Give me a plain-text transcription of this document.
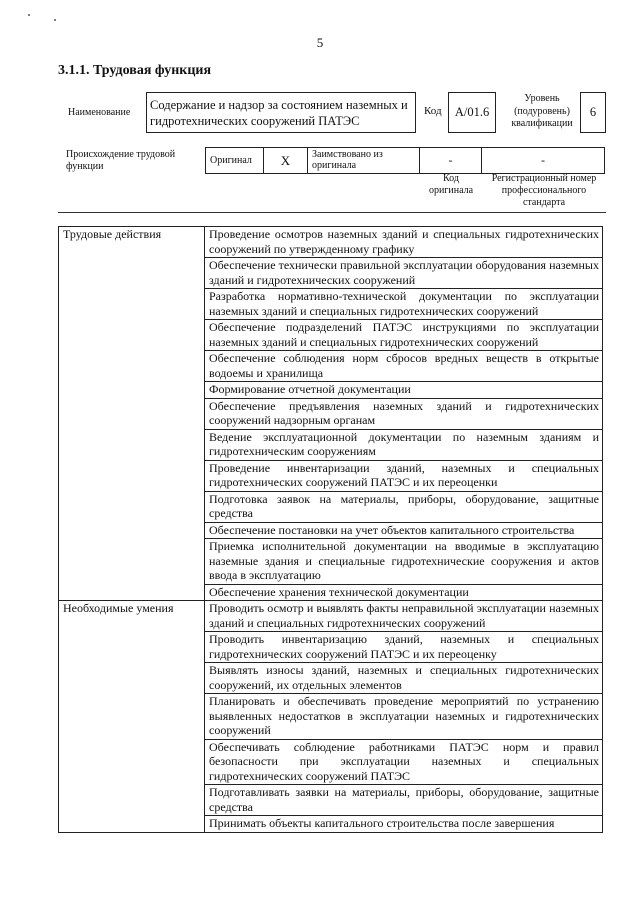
5
3.1.1. Трудовая функция
Наименование
Содержание и надзор за состоянием наземных и гидротехнических сооружений ПАТЭС
Код	А/01.6
Уровень (подуровень) квалификации
6
Происхождение трудовой функции
Оригинал	X	Заимствовано из оригинала	-	-
Код оригинала
Регистрационный номер профессионального стандарта
Трудовые действия	Проведение осмотров наземных зданий и специальных гидротехнических сооружений по утвержденному графику
	Обеспечение технически правильной эксплуатации оборудования наземных зданий и гидротехнических сооружений
	Разработка нормативно-технической документации по эксплуатации наземных зданий и специальных гидротехнических сооружений
	Обеспечение подразделений ПАТЭС инструкциями по эксплуатации наземных зданий и специальных гидротехнических сооружений
	Обеспечение соблюдения норм сбросов вредных веществ в открытые водоемы и хранилища
	Формирование отчетной документации
	Обеспечение предъявления наземных зданий и гидротехнических сооружений надзорным органам
	Ведение эксплуатационной документации по наземным зданиям и гидротехническим сооружениям
	Проведение инвентаризации зданий, наземных и специальных гидротехнических сооружений ПАТЭС и их переоценки
	Подготовка заявок на материалы, приборы, оборудование, защитные средства
	Обеспечение постановки на учет объектов капитального строительства
	Приемка исполнительной документации на вводимые в эксплуатацию наземные здания и специальные гидротехнические сооружения и актов ввода в эксплуатацию
	Обеспечение хранения технической документации
Необходимые умения	Проводить осмотр и выявлять факты неправильной эксплуатации наземных зданий и специальных гидротехнических сооружений
	Проводить инвентаризацию зданий, наземных и специальных гидротехнических сооружений ПАТЭС и их переоценку
	Выявлять износы зданий, наземных и специальных гидротехнических сооружений, их отдельных элементов
	Планировать и обеспечивать проведение мероприятий по устранению выявленных недостатков в эксплуатации наземных и гидротехнических сооружений
	Обеспечивать соблюдение работниками ПАТЭС норм и правил безопасности при эксплуатации наземных и специальных гидротехнических сооружений ПАТЭС
	Подготавливать заявки на материалы, приборы, оборудование, защитные средства
	Принимать объекты капитального строительства после завершения
